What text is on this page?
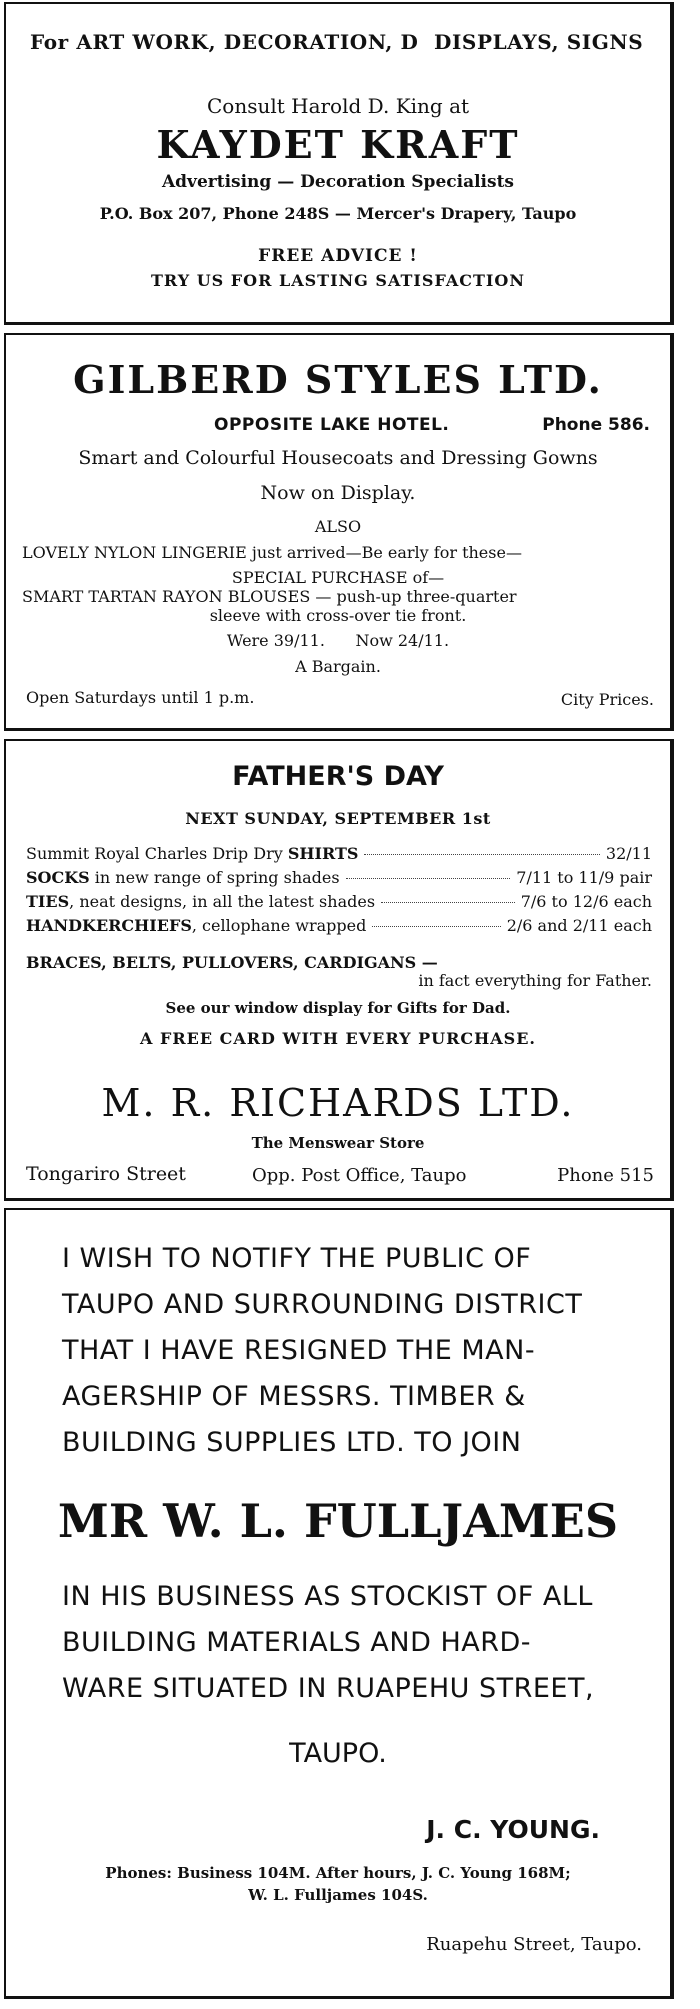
For ART WORK, DECORATION, D DISPLAYS, SIGNS
Consult Harold D. King at
KAYDET KRAFT
Advertising — Decoration Specialists
P.O. Box 207, Phone 248S — Mercer's Drapery, Taupo
FREE ADVICE !
TRY US FOR LASTING SATISFACTION
GILBERD STYLES LTD.
OPPOSITE LAKE HOTEL.	Phone 586.
Smart and Colourful Housecoats and Dressing Gowns
Now on Display.
ALSO
LOVELY NYLON LINGERIE just arrived—Be early for these—
SPECIAL PURCHASE of—
SMART TARTAN RAYON BLOUSES — push-up three-quarter
sleeve with cross-over tie front.
Were 39/11. Now 24/11.
A Bargain.
Open Saturdays until 1 p.m.	City Prices.
FATHER'S DAY
NEXT SUNDAY, SEPTEMBER 1st
Summit Royal Charles Drip Dry SHIRTS	32/11
SOCKS in new range of spring shades	7/11 to 11/9 pair
TIES, neat designs, in all the latest shades	7/6 to 12/6 each
HANDKERCHIEFS, cellophane wrapped	2/6 and 2/11 each
BRACES, BELTS, PULLOVERS, CARDIGANS —
in fact everything for Father.
See our window display for Gifts for Dad.
A FREE CARD WITH EVERY PURCHASE.
M. R. RICHARDS LTD.
The Menswear Store
Tongariro Street	Opp. Post Office, Taupo	Phone 515
I WISH TO NOTIFY THE PUBLIC OF
TAUPO AND SURROUNDING DISTRICT
THAT I HAVE RESIGNED THE MAN-
AGERSHIP OF MESSRS. TIMBER &
BUILDING SUPPLIES LTD. TO JOIN
MR W. L. FULLJAMES
IN HIS BUSINESS AS STOCKIST OF ALL
BUILDING MATERIALS AND HARD-
WARE SITUATED IN RUAPEHU STREET,
TAUPO.
J. C. YOUNG.
Phones: Business 104M. After hours, J. C. Young 168M;
W. L. Fulljames 104S.
Ruapehu Street, Taupo.
